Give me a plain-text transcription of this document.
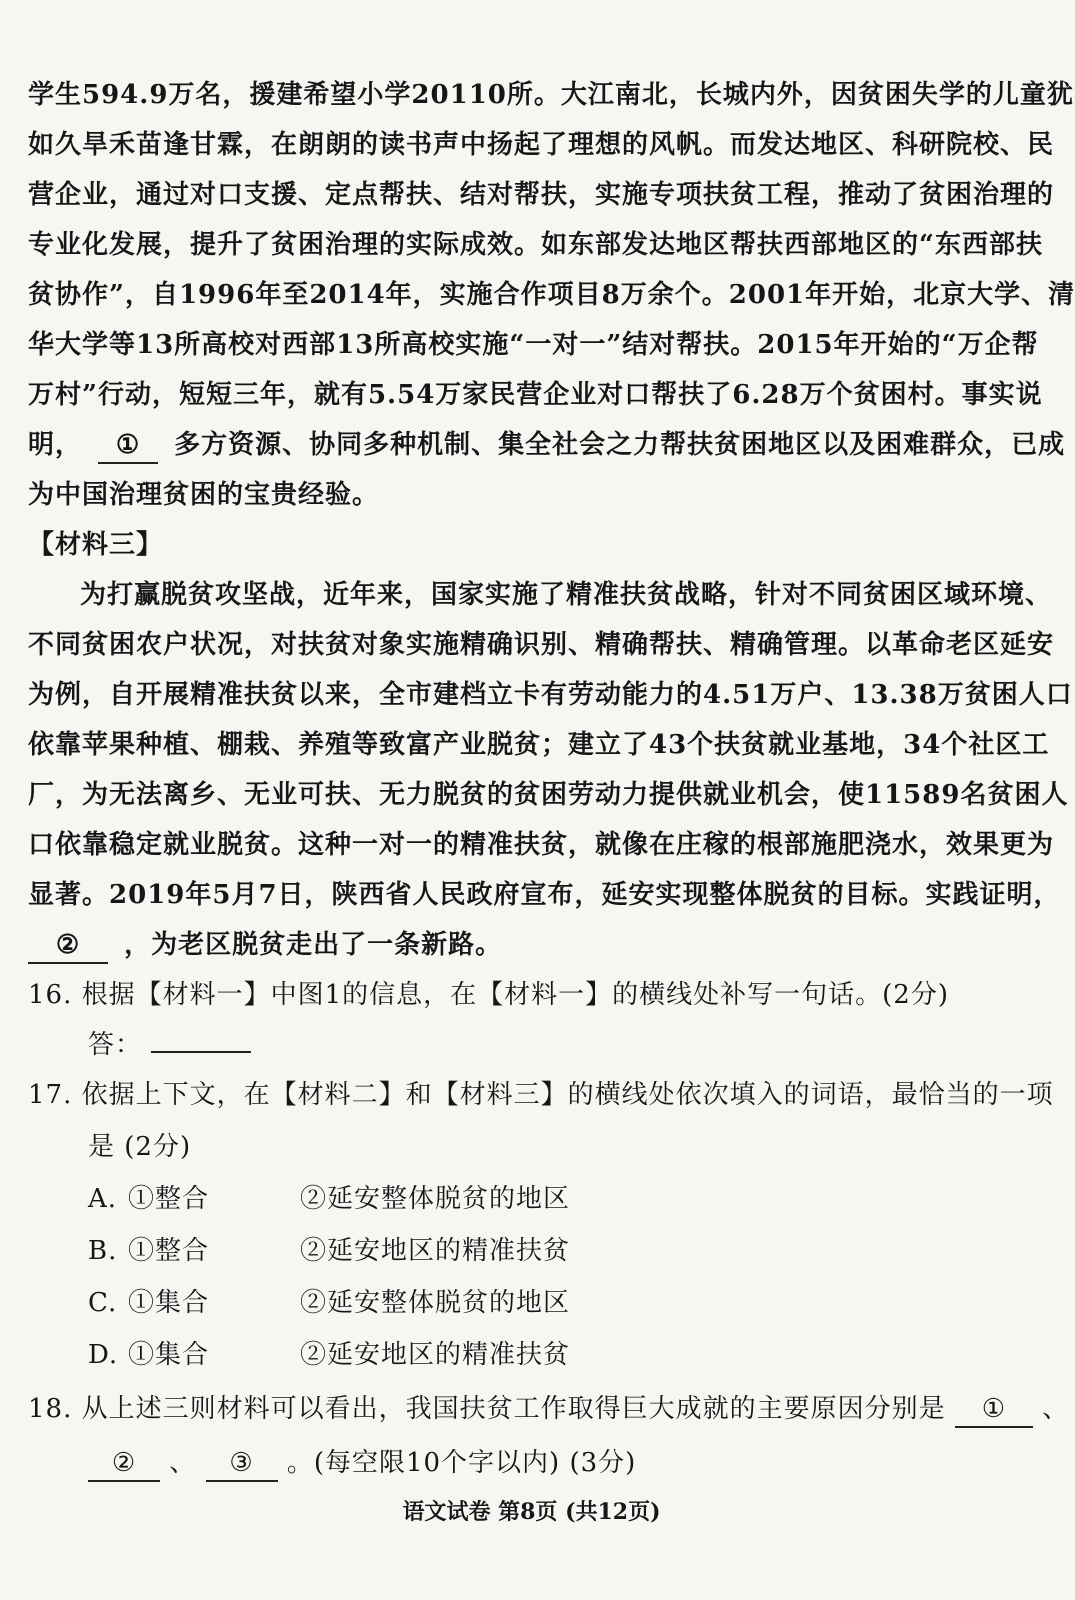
学生594.9万名，援建希望小学20110所。大江南北，长城内外，因贫困失学的儿童犹
如久旱禾苗逢甘霖，在朗朗的读书声中扬起了理想的风帆。而发达地区、科研院校、民
营企业，通过对口支援、定点帮扶、结对帮扶，实施专项扶贫工程，推动了贫困治理的
专业化发展，提升了贫困治理的实际成效。如东部发达地区帮扶西部地区的“东西部扶
贫协作”，自1996年至2014年，实施合作项目8万余个。2001年开始，北京大学、清
华大学等13所高校对西部13所高校实施“一对一”结对帮扶。2015年开始的“万企帮
万村”行动，短短三年，就有5.54万家民营企业对口帮扶了6.28万个贫困村。事实说
明， ① 多方资源、协同多种机制、集全社会之力帮扶贫困地区以及困难群众，已成
为中国治理贫困的宝贵经验。
【材料三】
为打赢脱贫攻坚战，近年来，国家实施了精准扶贫战略，针对不同贫困区域环境、
不同贫困农户状况，对扶贫对象实施精确识别、精确帮扶、精确管理。以革命老区延安
为例，自开展精准扶贫以来，全市建档立卡有劳动能力的4.51万户、13.38万贫困人口
依靠苹果种植、棚栽、养殖等致富产业脱贫；建立了43个扶贫就业基地，34个社区工
厂，为无法离乡、无业可扶、无力脱贫的贫困劳动力提供就业机会，使11589名贫困人
口依靠稳定就业脱贫。这种一对一的精准扶贫，就像在庄稼的根部施肥浇水，效果更为
显著。2019年5月7日，陕西省人民政府宣布，延安实现整体脱贫的目标。实践证明，
② ，为老区脱贫走出了一条新路。
16. 根据【材料一】中图1的信息，在【材料一】的横线处补写一句话。(2分)
答：
17. 依据上下文，在【材料二】和【材料三】的横线处依次填入的词语，最恰当的一项
是 (2分)
A. ①整合	②延安整体脱贫的地区
B. ①整合	②延安地区的精准扶贫
C. ①集合	②延安整体脱贫的地区
D. ①集合	②延安地区的精准扶贫
18. 从上述三则材料可以看出，我国扶贫工作取得巨大成就的主要原因分别是 ① 、
② 、 ③ 。(每空限10个字以内) (3分)
语文试卷 第8页 (共12页)
